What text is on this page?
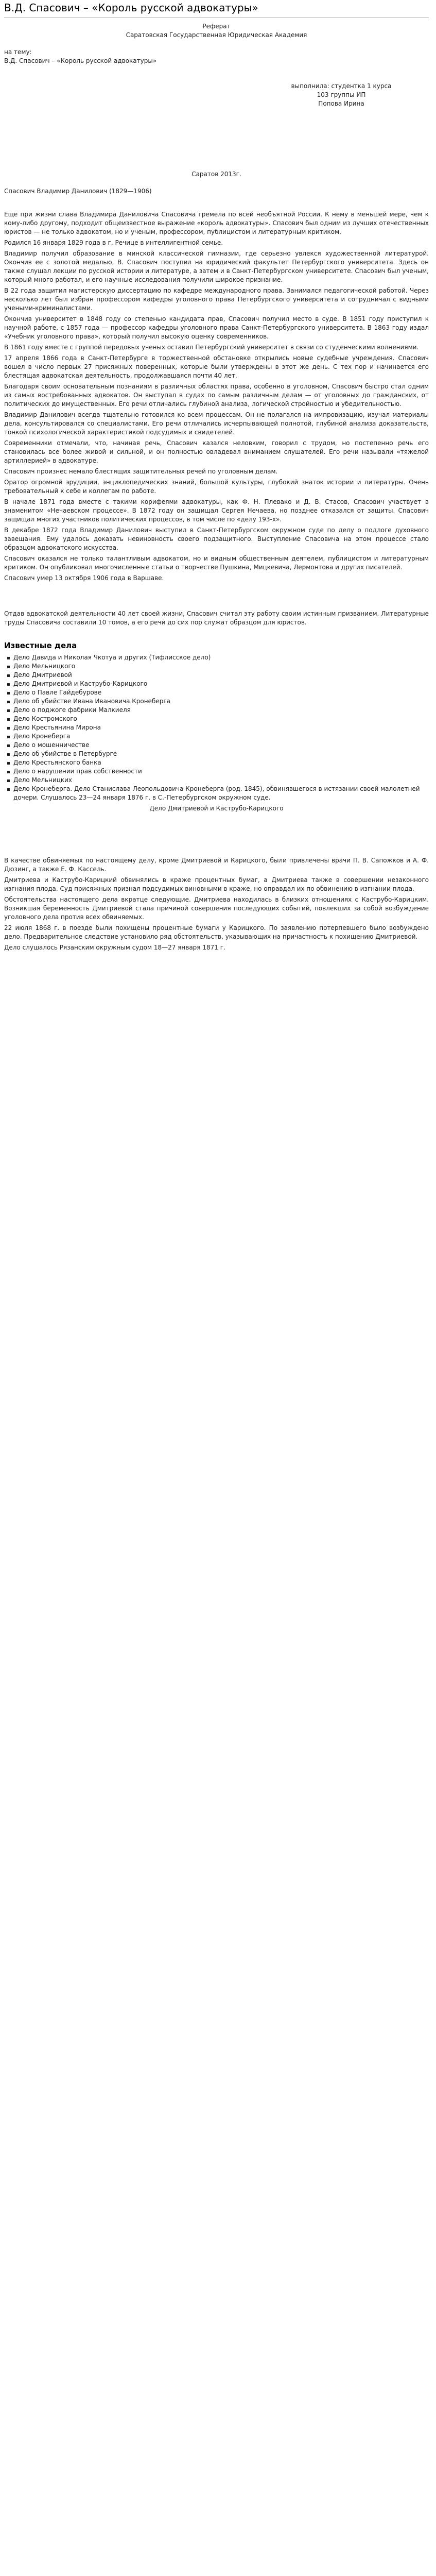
В.Д. Спасович – «Король русской адвокатуры»

Реферат

Саратовская Государственная Юридическая Академия

на тему:

В.Д. Спасович – «Король русской адвокатуры»

выполнила: студентка 1 курса

103 группы ИП

Попова Ирина

Саратов 2013г.

Спасович Владимир Данилович (1829—1906)

Еще при жизни слава Владимира Даниловича Спасовича гремела по всей необъятной России. К нему в меньшей мере, чем к кому-либо другому, подходит общеизвестное выражение «король адвокатуры». Спасович был одним из лучших отечественных юристов — не только адвокатом, но и ученым, профессором, публицистом и литературным критиком.

Родился 16 января 1829 года в г. Речице в интеллигентной семье.

Владимир получил образование в минской классической гимназии, где серьезно увлекся художественной литературой. Окончив ее с золотой медалью, В. Спасович поступил на юридический факультет Петербургского университета. Здесь он также слушал лекции по русской истории и литературе, а затем и в Санкт-Петербургском университете. Спасович был ученым, который много работал, и его научные исследования получили широкое признание.

В 22 года защитил магистерскую диссертацию по кафедре международного права. Занимался педагогической работой. Через несколько лет был избран профессором кафедры уголовного права Петербургского университета и сотрудничал с видными учеными-криминалистами.

Окончив университет в 1848 году со степенью кандидата прав, Спасович получил место в суде. В 1851 году приступил к научной работе, с 1857 года — профессор кафедры уголовного права Санкт-Петербургского университета. В 1863 году издал «Учебник уголовного права», который получил высокую оценку современников.

В 1861 году вместе с группой передовых ученых оставил Петербургский университет в связи со студенческими волнениями.

17 апреля 1866 года в Санкт-Петербурге в торжественной обстановке открылись новые судебные учреждения. Спасович вошел в число первых 27 присяжных поверенных, которые были утверждены в этот же день. С тех пор и начинается его блестящая адвокатская деятельность, продолжавшаяся почти 40 лет.

Благодаря своим основательным познаниям в различных областях права, особенно в уголовном, Спасович быстро стал одним из самых востребованных адвокатов. Он выступал в судах по самым различным делам — от уголовных до гражданских, от политических до имущественных. Его речи отличались глубиной анализа, логической стройностью и убедительностью.

Владимир Данилович всегда тщательно готовился ко всем процессам. Он не полагался на импровизацию, изучал материалы дела, консультировался со специалистами. Его речи отличались исчерпывающей полнотой, глубиной анализа доказательств, тонкой психологической характеристикой подсудимых и свидетелей.

Современники отмечали, что, начиная речь, Спасович казался неловким, говорил с трудом, но постепенно речь его становилась все более живой и сильной, и он полностью овладевал вниманием слушателей. Его речи называли «тяжелой артиллерией» в адвокатуре.

Спасович произнес немало блестящих защитительных речей по уголовным делам.

Оратор огромной эрудиции, энциклопедических знаний, большой культуры, глубокий знаток истории и литературы. Очень требовательный к себе и коллегам по работе.

В начале 1871 года вместе с такими корифеями адвокатуры, как Ф. Н. Плевако и Д. В. Стасов, Спасович участвует в знаменитом «Нечаевском процессе». В 1872 году он защищал Сергея Нечаева, но позднее отказался от защиты. Спасович защищал многих участников политических процессов, в том числе по «делу 193-х».

В декабре 1872 года Владимир Данилович выступил в Санкт-Петербургском окружном суде по делу о подлоге духовного завещания. Ему удалось доказать невиновность своего подзащитного. Выступление Спасовича на этом процессе стало образцом адвокатского искусства.

Спасович оказался не только талантливым адвокатом, но и видным общественным деятелем, публицистом и литературным критиком. Он опубликовал многочисленные статьи о творчестве Пушкина, Мицкевича, Лермонтова и других писателей.

Спасович умер 13 октября 1906 года в Варшаве.

Отдав адвокатской деятельности 40 лет своей жизни, Спасович считал эту работу своим истинным призванием. Литературные труды Спасовича составили 10 томов, а его речи до сих пор служат образцом для юристов.

Известные дела
Дело Давида и Николая Чкотуа и других (Тифлисское дело)
Дело Мельницкого
Дело Дмитриевой
Дело Дмитриевой и Каструбо-Карицкого
Дело о Павле Гайдебурове
Дело об убийстве Ивана Ивановича Кронеберга
Дело о поджоге фабрики Малкиеля
Дело Костромского
Дело Крестьянина Мирона
Дело Кронеберга
Дело о мошенничестве
Дело об убийстве в Петербурге
Дело Крестьянского банка
Дело о нарушении прав собственности
Дело Мельницких
Дело Кронеберга. Дело Станислава Леопольдовича Кронеберга (род. 1845), обвинявшегося в истязании своей малолетней дочери. Слушалось 23—24 января 1876 г. в С.-Петербургском окружном суде.

Дело Дмитриевой и Каструбо-Карицкого

В качестве обвиняемых по настоящему делу, кроме Дмитриевой и Карицкого, были привлечены врачи П. В. Сапожков и А. Ф. Дюзинг, а также Е. Ф. Кассель.

Дмитриева и Каструбо-Карицкий обвинялись в краже процентных бумаг, а Дмитриева также в совершении незаконного изгнания плода. Суд присяжных признал подсудимых виновными в краже, но оправдал их по обвинению в изгнании плода.

Обстоятельства настоящего дела вкратце следующие. Дмитриева находилась в близких отношениях с Каструбо-Карицким. Возникшая беременность Дмитриевой стала причиной совершения последующих событий, повлекших за собой возбуждение уголовного дела против всех обвиняемых.

22 июля 1868 г. в поезде были похищены процентные бумаги у Карицкого. По заявлению потерпевшего было возбуждено дело. Предварительное следствие установило ряд обстоятельств, указывающих на причастность к похищению Дмитриевой.

Дело слушалось Рязанским окружным судом 18—27 января 1871 г.
